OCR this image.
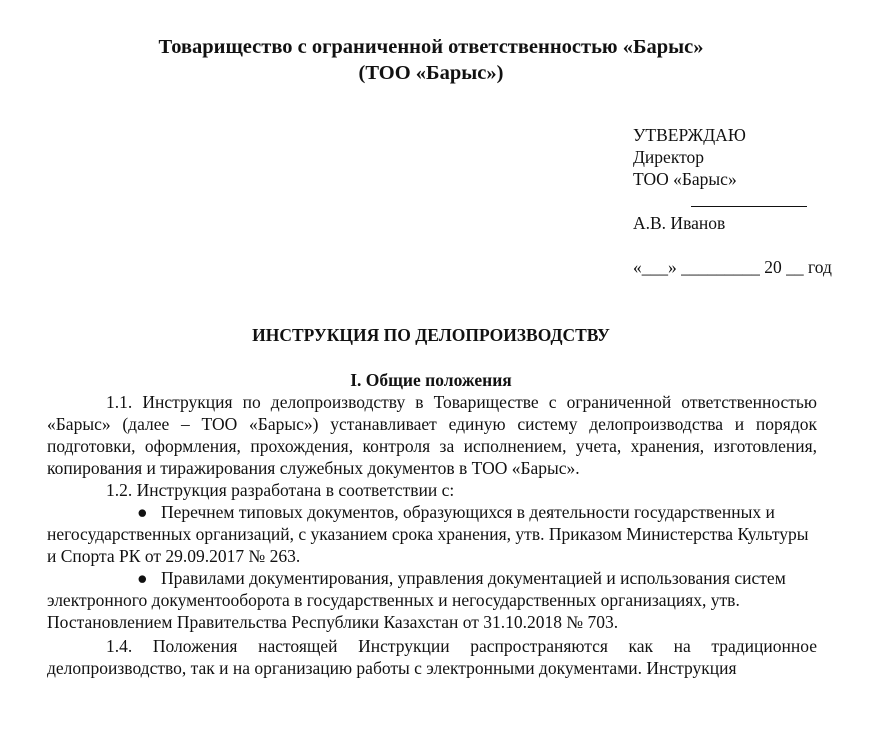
Товарищество с ограниченной ответственностью «Барыс»
(ТОО «Барыс»)
УТВЕРЖДАЮ
Директор
ТОО «Барыс»
А.В. Иванов
«___» _________ 20 __ год
ИНСТРУКЦИЯ ПО ДЕЛОПРОИЗВОДСТВУ
I. Общие положения

1.1. Инструкция по делопроизводству в Товариществе с ограниченной ответственностью «Барыс» (далее – ТОО «Барыс») устанавливает единую систему делопроизводства и порядок подготовки, оформления, прохождения, контроля за исполнением, учета, хранения, изготовления, копирования и тиражирования служебных документов в ТОО «Барыс».

1.2. Инструкция разработана в соответствии с:

● Перечнем типовых документов, образующихся в деятельности государственных и негосударственных организаций, с указанием срока хранения, утв. Приказом Министерства Культуры и Спорта РК от 29.09.2017 № 263.

● Правилами документирования, управления документацией и использования систем электронного документооборота в государственных и негосударственных организациях, утв. Постановлением Правительства Республики Казахстан от 31.10.2018 № 703.

1.4. Положения настоящей Инструкции распространяются как на традиционное делопроизводство, так и на организацию работы с электронными документами. Инструкция
